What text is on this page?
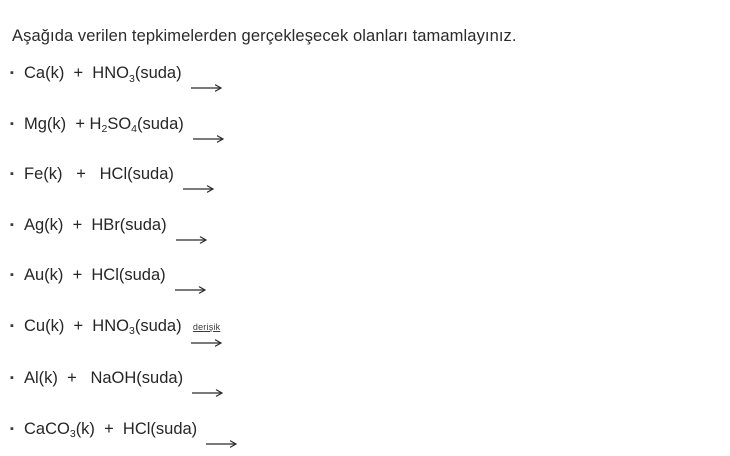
Aşağıda verilen tepkimelerden gerçekleşecek olanları tamamlayınız.
▪ $Ca(k) + HNO_3(suda)$
▪ $Mg(k) + H_2SO_4(suda)$
▪ Fe(k)   +   HCl(suda)
▪ Ag(k)  +  HBr(suda)
▪ Au(k)  +  HCl(suda)
▪ $Cu(k) + HNO_3(suda)$ derişik
▪ Al(k)  +   NaOH(suda)
▪ CaCO$_3$(k)  +  HCl(suda)
